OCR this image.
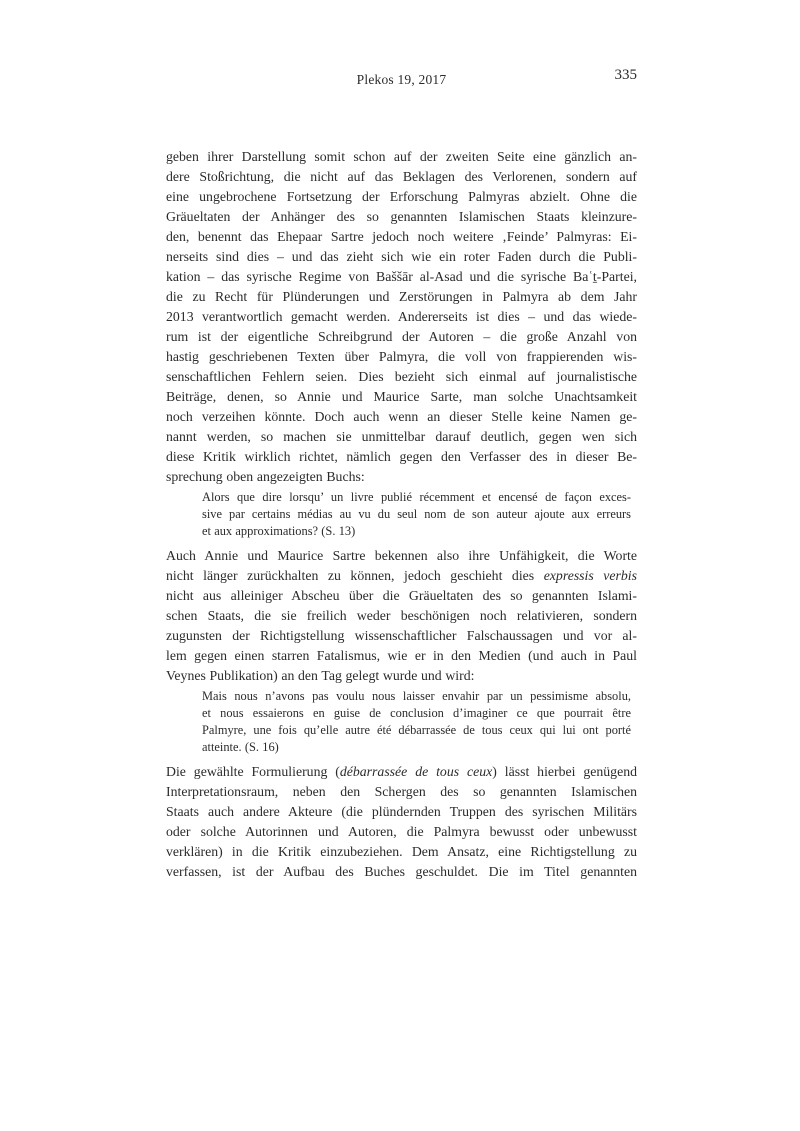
Plekos 19, 2017	335
geben ihrer Darstellung somit schon auf der zweiten Seite eine gänzlich an-
dere Stoßrichtung, die nicht auf das Beklagen des Verlorenen, sondern auf
eine ungebrochene Fortsetzung der Erforschung Palmyras abzielt. Ohne die
Gräueltaten der Anhänger des so genannten Islamischen Staats kleinzure-
den, benennt das Ehepaar Sartre jedoch noch weitere ‚Feinde’ Palmyras: Ei-
nerseits sind dies – und das zieht sich wie ein roter Faden durch die Publi-
kation – das syrische Regime von Baššār al-Asad und die syrische Baʿṯ-Partei,
die zu Recht für Plünderungen und Zerstörungen in Palmyra ab dem Jahr
2013 verantwortlich gemacht werden. Andererseits ist dies – und das wiede-
rum ist der eigentliche Schreibgrund der Autoren – die große Anzahl von
hastig geschriebenen Texten über Palmyra, die voll von frappierenden wis-
senschaftlichen Fehlern seien. Dies bezieht sich einmal auf journalistische
Beiträge, denen, so Annie und Maurice Sarte, man solche Unachtsamkeit
noch verzeihen könnte. Doch auch wenn an dieser Stelle keine Namen ge-
nannt werden, so machen sie unmittelbar darauf deutlich, gegen wen sich
diese Kritik wirklich richtet, nämlich gegen den Verfasser des in dieser Be-
sprechung oben angezeigten Buchs:
Alors que dire lorsqu’ un livre publié récemment et encensé de façon exces-
sive par certains médias au vu du seul nom de son auteur ajoute aux erreurs
et aux approximations? (S. 13)
Auch Annie und Maurice Sartre bekennen also ihre Unfähigkeit, die Worte
nicht länger zurückhalten zu können, jedoch geschieht dies expressis verbis
nicht aus alleiniger Abscheu über die Gräueltaten des so genannten Islami-
schen Staats, die sie freilich weder beschönigen noch relativieren, sondern
zugunsten der Richtigstellung wissenschaftlicher Falschaussagen und vor al-
lem gegen einen starren Fatalismus, wie er in den Medien (und auch in Paul
Veynes Publikation) an den Tag gelegt wurde und wird:
Mais nous n’avons pas voulu nous laisser envahir par un pessimisme absolu,
et nous essaierons en guise de conclusion d’imaginer ce que pourrait être
Palmyre, une fois qu’elle autre été débarrassée de tous ceux qui lui ont porté
atteinte. (S. 16)
Die gewählte Formulierung (débarrassée de tous ceux) lässt hierbei genügend
Interpretationsraum, neben den Schergen des so genannten Islamischen
Staats auch andere Akteure (die plündernden Truppen des syrischen Militärs
oder solche Autorinnen und Autoren, die Palmyra bewusst oder unbewusst
verklären) in die Kritik einzubeziehen. Dem Ansatz, eine Richtigstellung zu
verfassen, ist der Aufbau des Buches geschuldet. Die im Titel genannten
